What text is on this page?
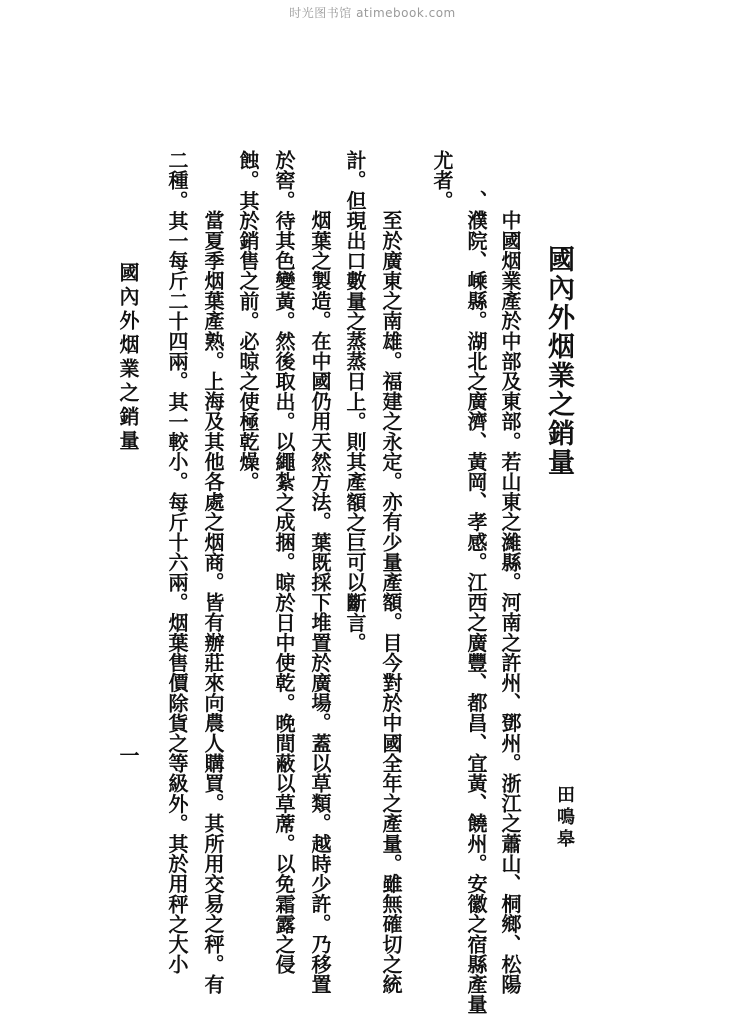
时光图书馆 atimebook.com
國內外烟業之銷量
田鳴皋
　中國烟業產於中部及東部。若山東之濰縣。河南之許州、鄧州。浙江之蕭山、桐鄉、松陽
、濮院、嵊縣。湖北之廣濟、黃岡、孝感。江西之廣豐、都昌、宜黃、饒州。安徽之宿縣產量
尤者。
　至於廣東之南雄。福建之永定。亦有少量產額。目今對於中國全年之產量。雖無確切之統
計。但現出口數量之蒸蒸日上。則其產額之巨可以斷言。
　烟葉之製造。在中國仍用天然方法。葉既採下堆置於廣場。蓋以草類。越時少許。乃移置
於窖。待其色變黃。然後取出。以繩紮之成捆。晾於日中使乾。晚間蔽以草蓆。以免霜露之侵
蝕。其於銷售之前。必晾之使極乾燥。
　當夏季烟葉產熟。上海及其他各處之烟商。皆有辦莊來向農人購買。其所用交易之秤。有
二種。其一每斤二十四兩。其一較小。每斤十六兩。烟葉售價除貨之等級外。其於用秤之大小
國內外烟業之銷量
一
